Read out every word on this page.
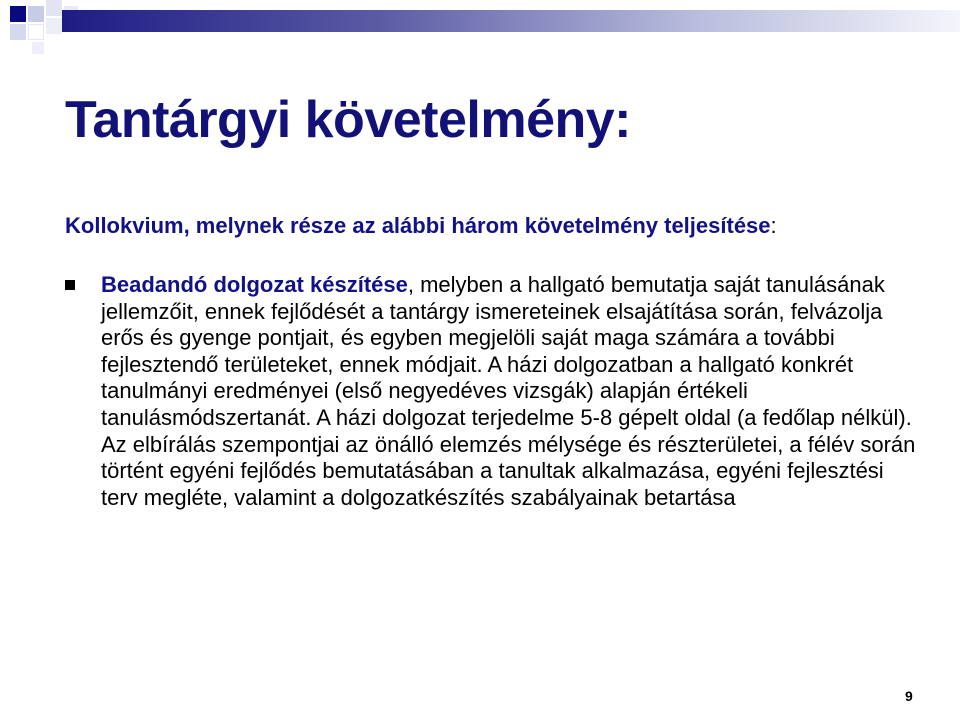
Tantárgyi követelmény:
Kollokvium, melynek része az alábbi három követelmény teljesítése:

Beadandó dolgozat készítése, melyben a hallgató bemutatja saját tanulásának jellemzőit, ennek fejlődését a tantárgy ismereteinek elsajátítása során, felvázolja erős és gyenge pontjait, és egyben megjelöli saját maga számára a további fejlesztendő területeket, ennek módjait. A házi dolgozatban a hallgató konkrét tanulmányi eredményei (első negyedéves vizsgák) alapján értékeli tanulásmódszertanát. A házi dolgozat terjedelme 5-8 gépelt oldal (a fedőlap nélkül). Az elbírálás szempontjai az önálló elemzés mélysége és részterületei, a félév során történt egyéni fejlődés bemutatásában a tanultak alkalmazása, egyéni fejlesztési terv megléte, valamint a dolgozatkészítés szabályainak betartása

9
